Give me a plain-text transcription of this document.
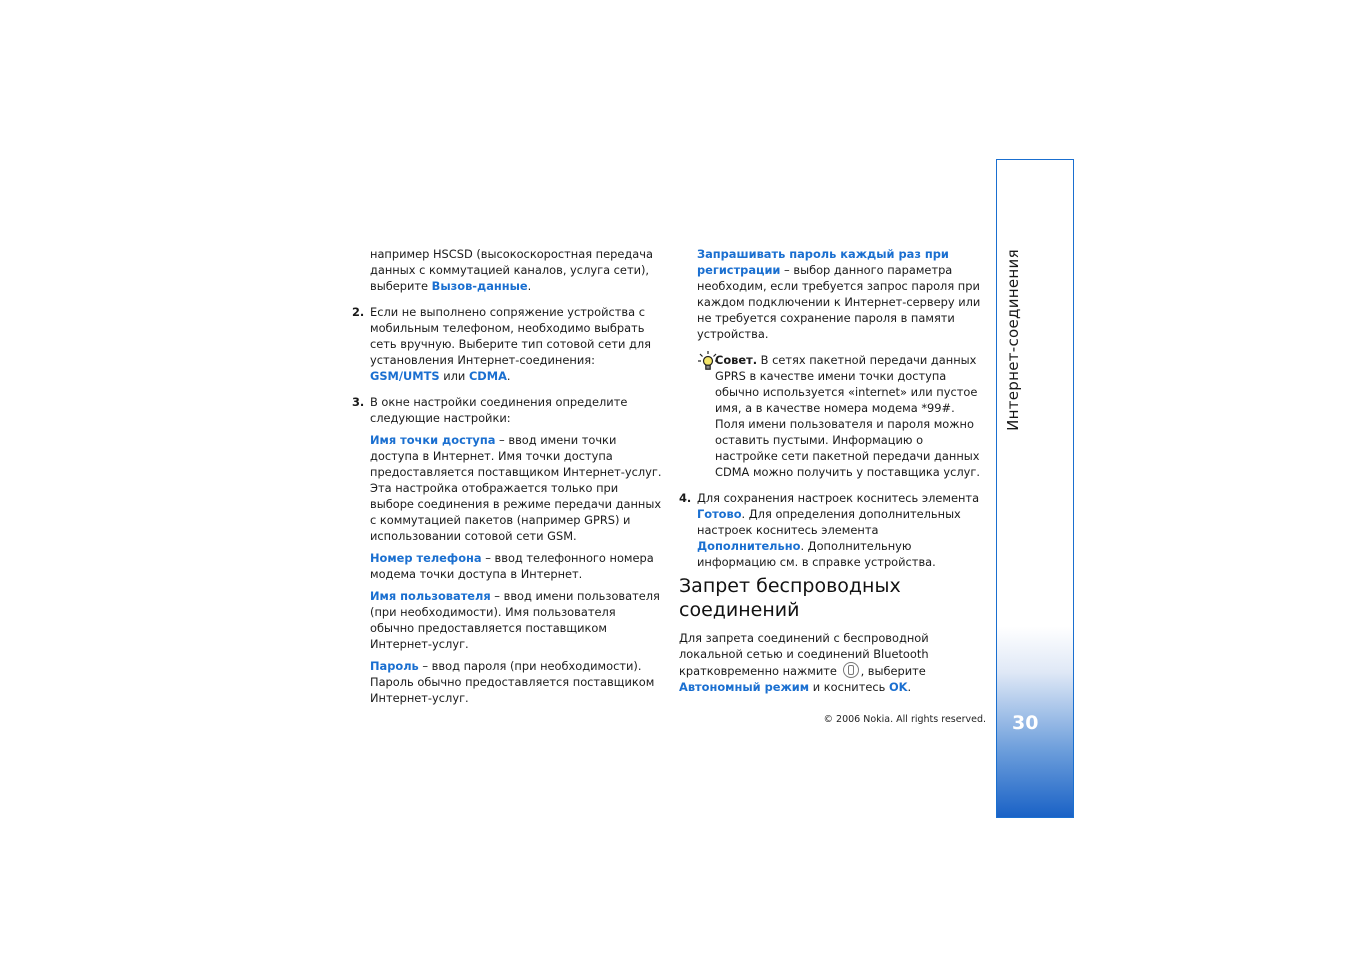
например HSCSD (высокоскоростная передача данных с коммутацией каналов, услуга сети), выберите Вызов-данные.

2. Если не выполнено сопряжение устройства с мобильным телефоном, необходимо выбрать сеть вручную. Выберите тип сотовой сети для установления Интернет-соединения: GSM/UMTS или CDMA.
3. В окне настройки соединения определите следующие настройки:

Имя точки доступа – ввод имени точки доступа в Интернет. Имя точки доступа предоставляется поставщиком Интернет-услуг. Эта настройка отображается только при выборе соединения в режиме передачи данных с коммутацией пакетов (например GPRS) и использовании сотовой сети GSM.

Номер телефона – ввод телефонного номера модема точки доступа в Интернет.

Имя пользователя – ввод имени пользователя (при необходимости). Имя пользователя обычно предоставляется поставщиком Интернет-услуг.

Пароль – ввод пароля (при необходимости). Пароль обычно предоставляется поставщиком Интернет-услуг.

Запрашивать пароль каждый раз при регистрации – выбор данного параметра необходим, если требуется запрос пароля при каждом подключении к Интернет-серверу или не требуется сохранение пароля в памяти устройства.

Совет. В сетях пакетной передачи данных GPRS в качестве имени точки доступа обычно используется «internet» или пустое имя, а в качестве номера модема *99#. Поля имени пользователя и пароля можно оставить пустыми. Информацию о настройке сети пакетной передачи данных CDMA можно получить у поставщика услуг.
4. Для сохранения настроек коснитесь элемента Готово. Для определения дополнительных настроек коснитесь элемента Дополнительно. Дополнительную информацию см. в справке устройства.
Запрет беспроводных соединений
Для запрета соединений с беспроводной локальной сетью и соединений Bluetooth кратковременно нажмите , выберите Автономный режим и коснитесь OK.
© 2006 Nokia. All rights reserved.
Интернет-соединения
30
